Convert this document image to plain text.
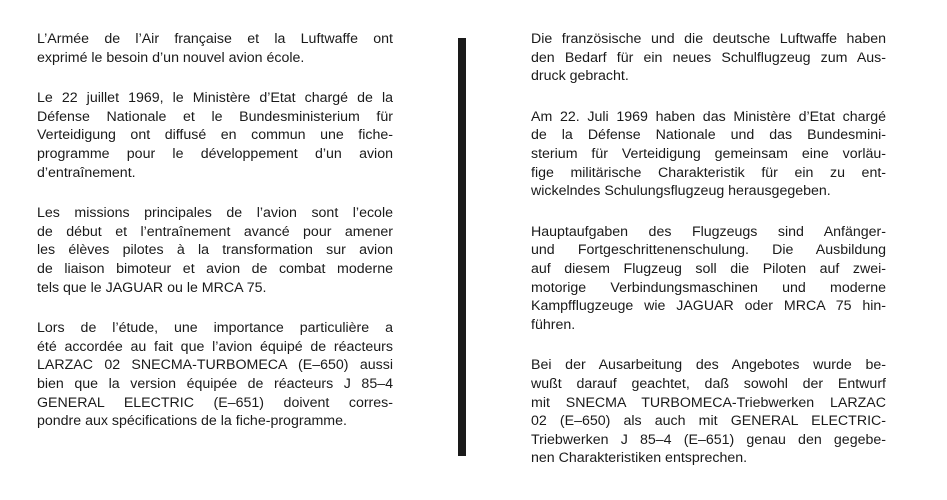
L’Armée de l’Air française et la Luftwaffe ont
exprimé le besoin d’un nouvel avion école.

Le 22 juillet 1969, le Ministère d’Etat chargé de la
Défense Nationale et le Bundesministerium für
Verteidigung ont diffusé en commun une fiche-
programme pour le développement d’un avion
d’entraînement.

Les missions principales de l’avion sont l’ecole
de début et l’entraînement avancé pour amener
les élèves pilotes à la transformation sur avion
de liaison bimoteur et avion de combat moderne
tels que le JAGUAR ou le MRCA 75.

Lors de l’étude, une importance particulière a
été accordée au fait que l’avion équipé de réacteurs
LARZAC 02 SNECMA-TURBOMECA (E–650) aussi
bien que la version équipée de réacteurs J 85–4
GENERAL ELECTRIC (E–651) doivent corres-
pondre aux spécifications de la fiche-programme.

Die französische und die deutsche Luftwaffe haben
den Bedarf für ein neues Schulflugzeug zum Aus-
druck gebracht.

Am 22. Juli 1969 haben das Ministère d’Etat chargé
de la Défense Nationale und das Bundesmini-
sterium für Verteidigung gemeinsam eine vorläu-
fige militärische Charakteristik für ein zu ent-
wickelndes Schulungsflugzeug herausgegeben.

Hauptaufgaben des Flugzeugs sind Anfänger-
und Fortgeschrittenenschulung. Die Ausbildung
auf diesem Flugzeug soll die Piloten auf zwei-
motorige Verbindungsmaschinen und moderne
Kampfflugzeuge wie JAGUAR oder MRCA 75 hin-
führen.

Bei der Ausarbeitung des Angebotes wurde be-
wußt darauf geachtet, daß sowohl der Entwurf
mit SNECMA TURBOMECA-Triebwerken LARZAC
02 (E–650) als auch mit GENERAL ELECTRIC-
Triebwerken J 85–4 (E–651) genau den gegebe-
nen Charakteristiken entsprechen.
